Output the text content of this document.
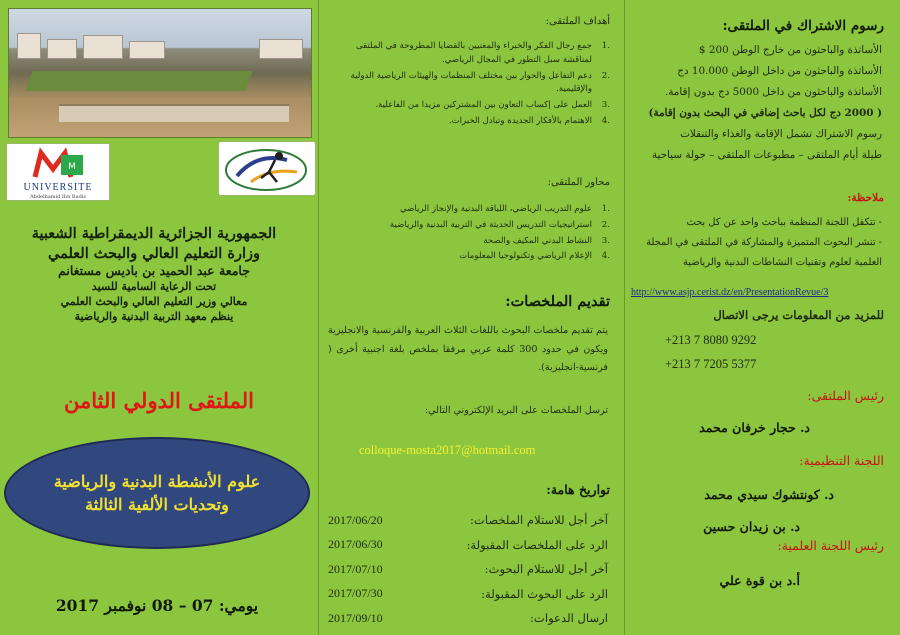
M
UNIVERSITE
Abdelhamid Ibn Badis
الجمهورية الجزائرية الديمقراطية الشعبية
وزارة التعليم العالي والبحث العلمي
جامعة عبد الحميد بن باديس مستغانم
تحت الرعاية السامية للسيد
معالي وزير التعليم العالي والبحث العلمي
ينظم معهد التربية البدنية والرياضية
الملتقى الدولي الثامن
علوم الأنشطة البدنية والرياضية
وتحديات الألفية الثالثة
يومي: 07 – 08 نوفمبر 2017
أهداف الملتقى:
.1
جمع رجال الفكر والخبراء والمعنيين بالقضايا المطروحة في الملتقى لمناقشة سبل التطور في المجال الرياضي.
.2
دعم التفاعل والحوار بين مختلف المنظمات والهيئات الرياضية الدولية والإقليمية.
.3
العمل على إكساب التعاون بين المشتركين مزيدا من الفاعلية.
.4
الاهتمام بالأفكار الجديدة وتبادل الخبرات.
محاور الملتقى:
.1
علوم التدريب الرياضي، اللياقة البدنية والإنجاز الرياضي
.2
استراتيجيات التدريس الحديثة في التربية البدنية والرياضية
.3
النشاط البدني المكيف والصحة
.4
الإعلام الرياضي وتكنولوجيا المعلومات
تقديم الملخصات:
يتم تقديم ملخصات البحوث باللغات الثلاث العربية والفرنسية والانجليزية ويكون في حدود 300 كلمة عربي مرفقا بملخص بلغة اجنبية أخرى ( فرنسية-انجليزية).
ترسل الملخصات على البريد الإلكتروني التالي:
colloque-mosta2017@hotmail.com
تواريخ هامة:
آخر أجل للاستلام الملخصات:
2017/06/20
الرد على الملخصات المقبولة:
2017/06/30
آخر أجل للاستلام البحوث:
2017/07/10
الرد على البحوث المقبولة:
2017/07/30
ارسال الدعوات:
2017/09/10
رسوم الاشتراك في الملتقى:
الأساتذة والباحثون من خارج الوطن 200 $
الأساتذة والباحثون من داخل الوطن 10.000 دج
الأساتذة والباحثون من داخل 5000 دج بدون إقامة.
( 2000 دج لكل باحث إضافي في البحث بدون إقامة)
رسوم الاشتراك تشمل الإقامة والغذاء والتنقلات
طيلة أيام الملتقى – مطبوعات الملتقى – جولة سياحية
ملاحظة:
- تتكفل اللجنة المنظمة بباحث واحد عن كل بحث
- تنشر البحوث المتميزة والمشاركة في الملتقى في المجلة
العلمية لعلوم وتقنيات النشاطات البدنية والرياضية
http://www.asjp.cerist.dz/en/PresentationRevue/3
للمزيد من المعلومات يرجى الاتصال
+213 7 8080 9292
+213 7 7205 5377
رئيس الملتقى:
د. حجار خرفان محمد
اللجنة التنظيمية:
د. كونتشوك سيدي محمد
د. بن زيدان حسين
رئيس اللجنة العلمية:
أ.د بن قوة علي
